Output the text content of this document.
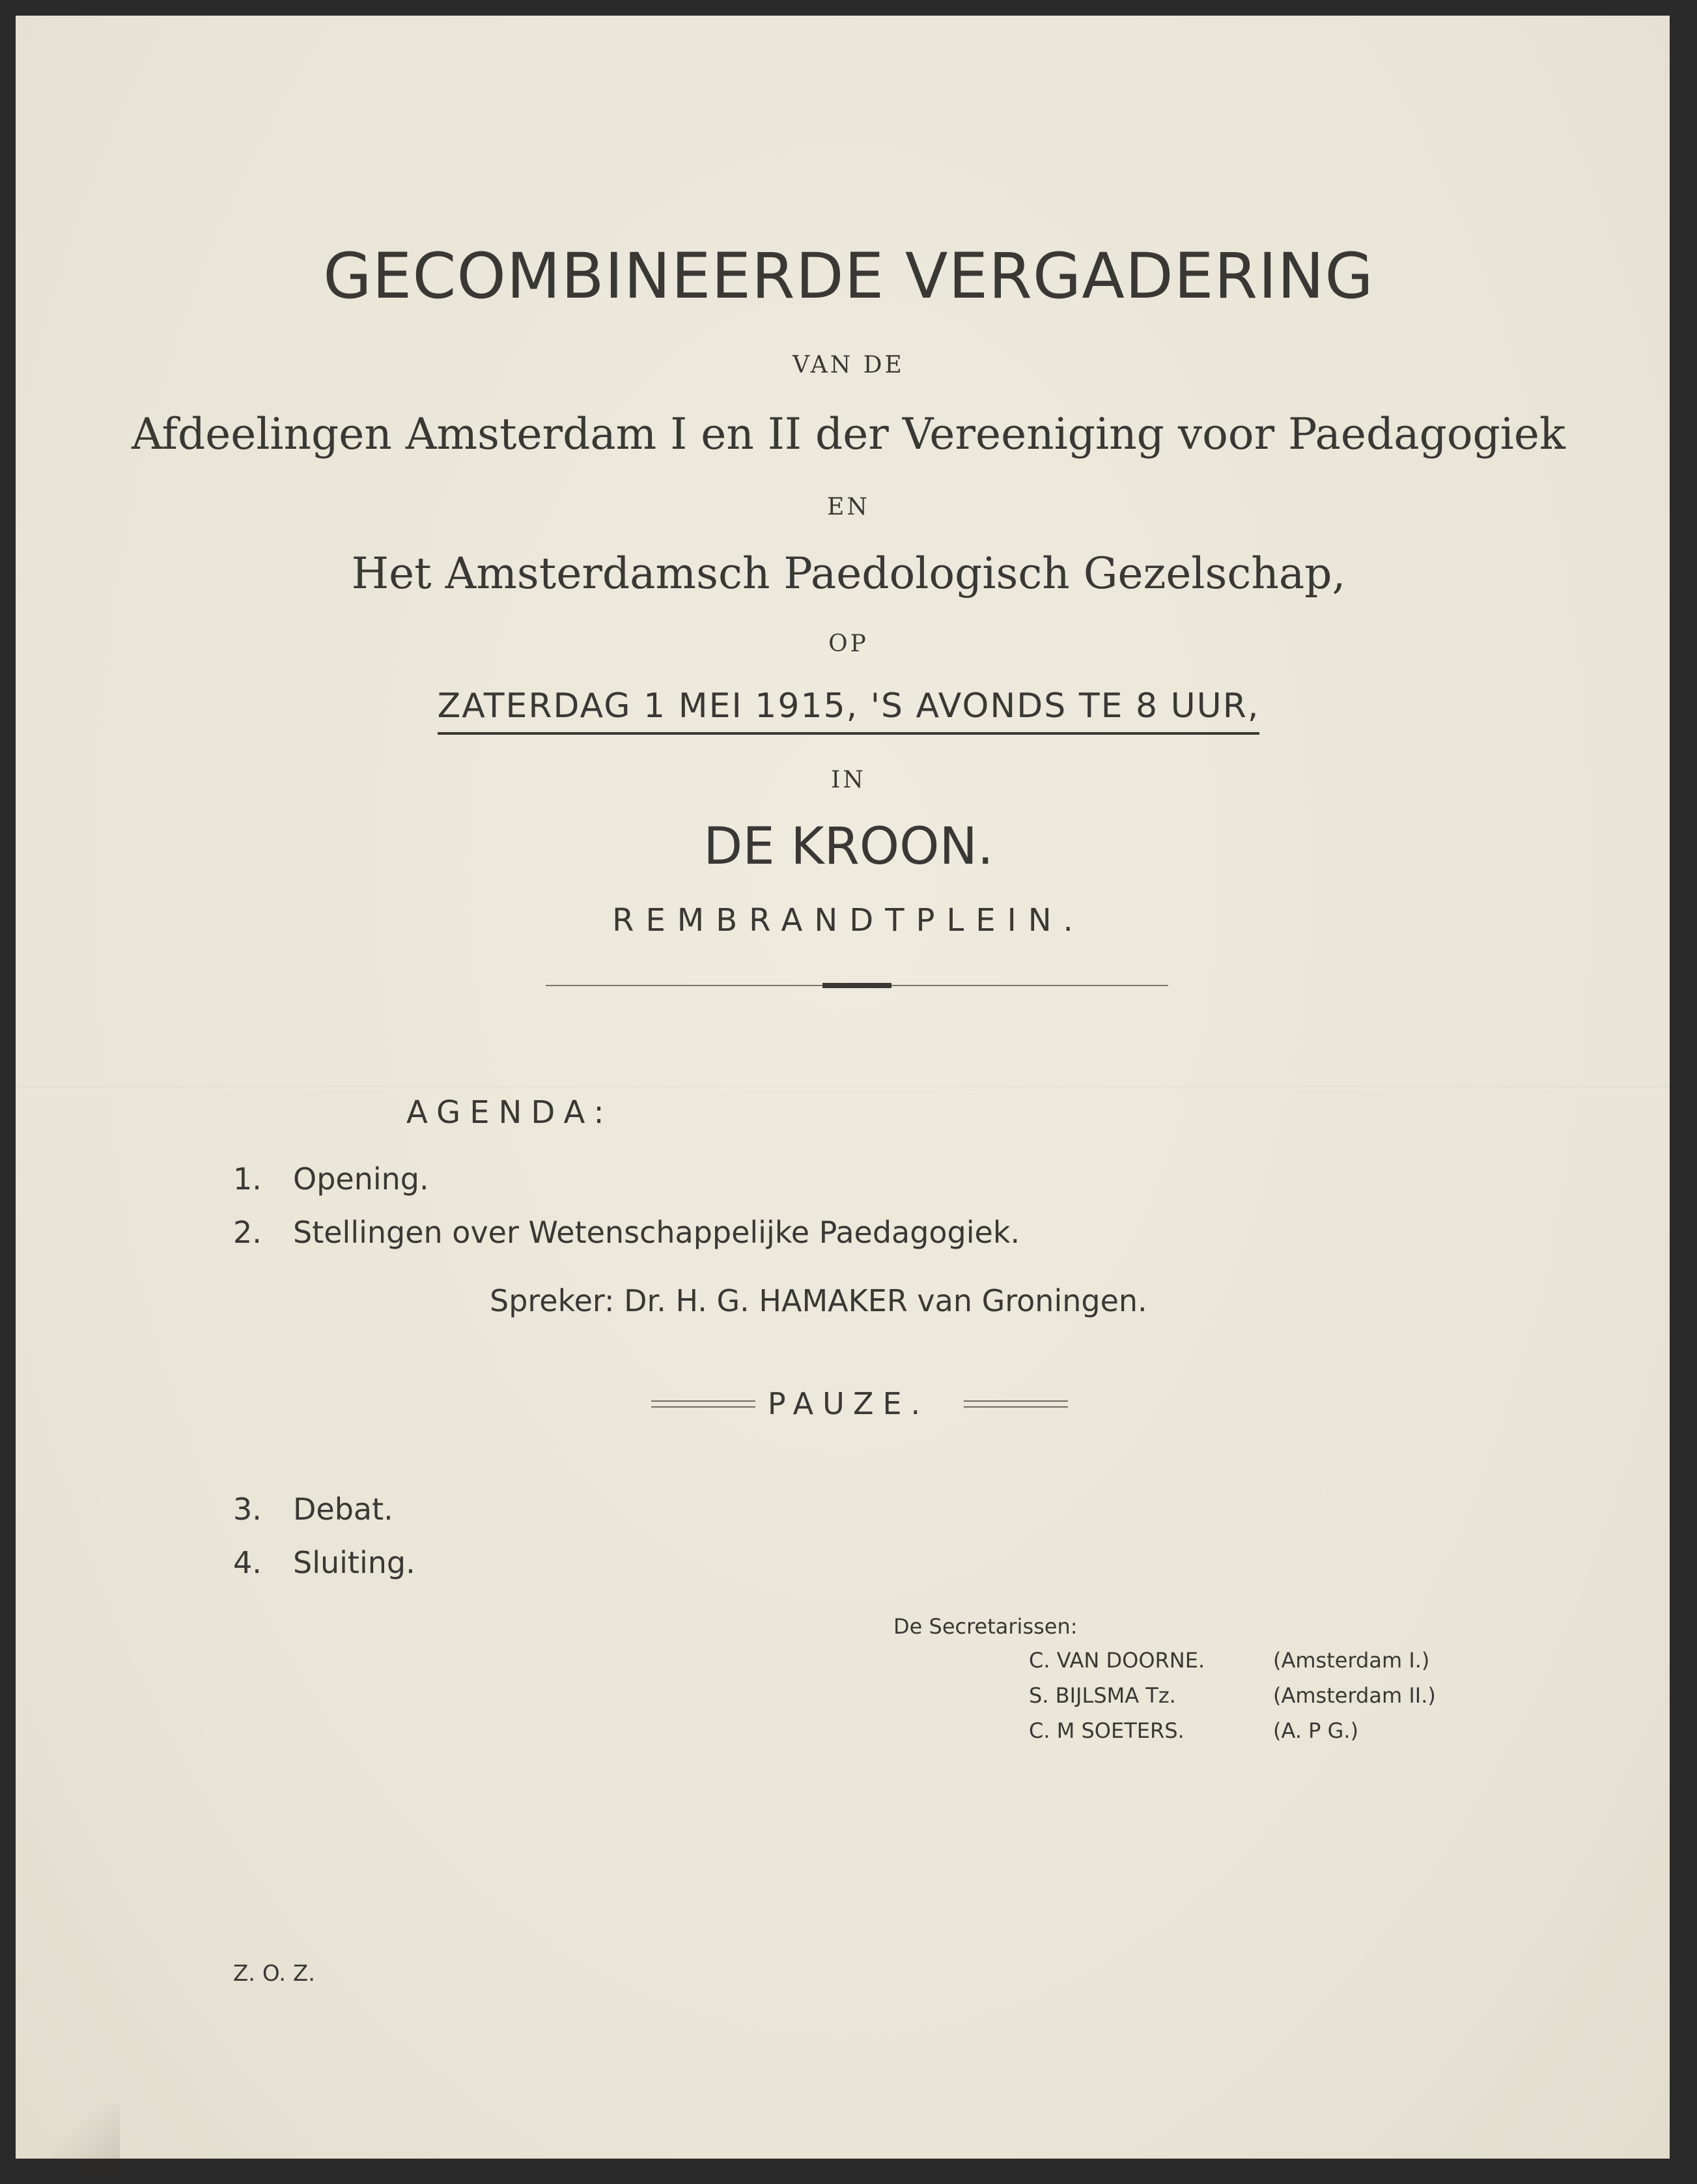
GECOMBINEERDE VERGADERING
VAN DE
Afdeelingen Amsterdam I en II der Vereeniging voor Paedagogiek
EN
Het Amsterdamsch Paedologisch Gezelschap,
OP
ZATERDAG 1 MEI 1915, 'S AVONDS TE 8 UUR,
IN
DE KROON.
REMBRANDTPLEIN.
AGENDA:
1. Opening.
2. Stellingen over Wetenschappelijke Paedagogiek.
Spreker: Dr. H. G. HAMAKER van Groningen.
PAUZE.
3. Debat.
4. Sluiting.
De Secretarissen:
C. VAN DOORNE.	(Amsterdam I.)
S. BIJLSMA Tz.	(Amsterdam II.)
C. M SOETERS.	(A. P G.)
Z. O. Z.
